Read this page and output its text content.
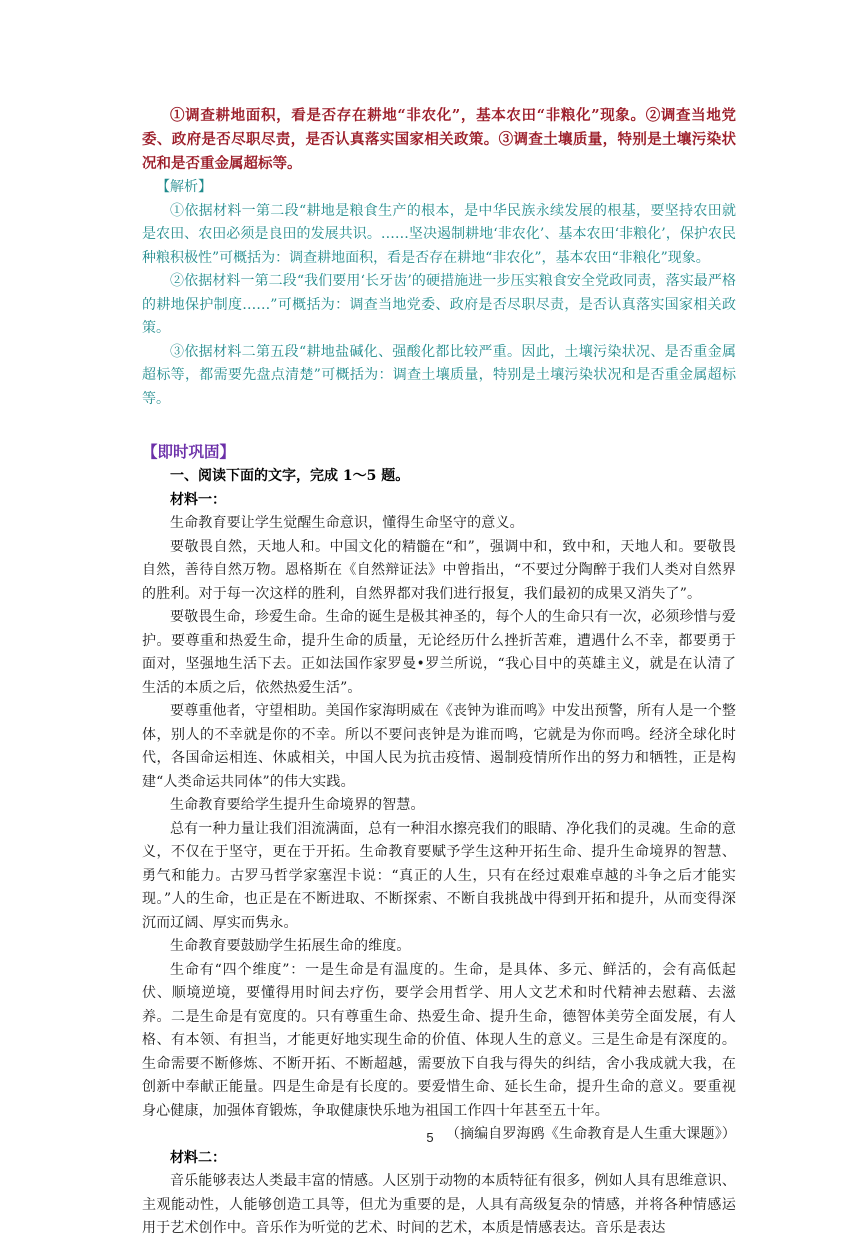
①调查耕地面积，看是否存在耕地“非农化”，基本农田“非粮化”现象。②调查当地党委、政府是否尽职尽责，是否认真落实国家相关政策。③调查土壤质量，特别是土壤污染状况和是否重金属超标等。

【解析】

①依据材料一第二段“耕地是粮食生产的根本，是中华民族永续发展的根基，要坚持农田就是农田、农田必须是良田的发展共识。……坚决遏制耕地‘非农化’、基本农田‘非粮化’，保护农民种粮积极性”可概括为：调查耕地面积，看是否存在耕地“非农化”，基本农田“非粮化”现象。

②依据材料一第二段“我们要用‘长牙齿’的硬措施进一步压实粮食安全党政同责，落实最严格的耕地保护制度……”可概括为：调查当地党委、政府是否尽职尽责，是否认真落实国家相关政策。

③依据材料二第五段“耕地盐碱化、强酸化都比较严重。因此，土壤污染状况、是否重金属超标等，都需要先盘点清楚”可概括为：调查土壤质量，特别是土壤污染状况和是否重金属超标等。

【即时巩固】

一、阅读下面的文字，完成 1～5 题。

材料一：

生命教育要让学生觉醒生命意识，懂得生命坚守的意义。

要敬畏自然，天地人和。中国文化的精髓在“和”，强调中和，致中和，天地人和。要敬畏自然，善待自然万物。恩格斯在《自然辩证法》中曾指出，“不要过分陶醉于我们人类对自然界的胜利。对于每一次这样的胜利，自然界都对我们进行报复，我们最初的成果又消失了”。

要敬畏生命，珍爱生命。生命的诞生是极其神圣的，每个人的生命只有一次，必须珍惜与爱护。要尊重和热爱生命，提升生命的质量，无论经历什么挫折苦难，遭遇什么不幸，都要勇于面对，坚强地生活下去。正如法国作家罗曼•罗兰所说，“我心目中的英雄主义，就是在认清了生活的本质之后，依然热爱生活”。

要尊重他者，守望相助。美国作家海明威在《丧钟为谁而鸣》中发出预警，所有人是一个整体，别人的不幸就是你的不幸。所以不要问丧钟是为谁而鸣，它就是为你而鸣。经济全球化时代，各国命运相连、休戚相关，中国人民为抗击疫情、遏制疫情所作出的努力和牺牲，正是构建“人类命运共同体”的伟大实践。

生命教育要给学生提升生命境界的智慧。

总有一种力量让我们泪流满面，总有一种泪水擦亮我们的眼睛、净化我们的灵魂。生命的意义，不仅在于坚守，更在于开拓。生命教育要赋予学生这种开拓生命、提升生命境界的智慧、勇气和能力。古罗马哲学家塞涅卡说：“真正的人生，只有在经过艰难卓越的斗争之后才能实现。”人的生命，也正是在不断进取、不断探索、不断自我挑战中得到开拓和提升，从而变得深沉而辽阔、厚实而隽永。

生命教育要鼓励学生拓展生命的维度。

生命有“四个维度”：一是生命是有温度的。生命，是具体、多元、鲜活的，会有高低起伏、顺境逆境，要懂得用时间去疗伤，要学会用哲学、用人文艺术和时代精神去慰藉、去滋养。二是生命是有宽度的。只有尊重生命、热爱生命、提升生命，德智体美劳全面发展，有人格、有本领、有担当，才能更好地实现生命的价值、体现人生的意义。三是生命是有深度的。生命需要不断修炼、不断开拓、不断超越，需要放下自我与得失的纠结，舍小我成就大我，在创新中奉献正能量。四是生命是有长度的。要爱惜生命、延长生命，提升生命的意义。要重视身心健康，加强体育锻炼，争取健康快乐地为祖国工作四十年甚至五十年。

（摘编自罗海鸥《生命教育是人生重大课题》）

材料二：

音乐能够表达人类最丰富的情感。人区别于动物的本质特征有很多，例如人具有思维意识、主观能动性，人能够创造工具等，但尤为重要的是，人具有高级复杂的情感，并将各种情感运用于艺术创作中。音乐作为听觉的艺术、时间的艺术，本质是情感表达。音乐是表达

5
